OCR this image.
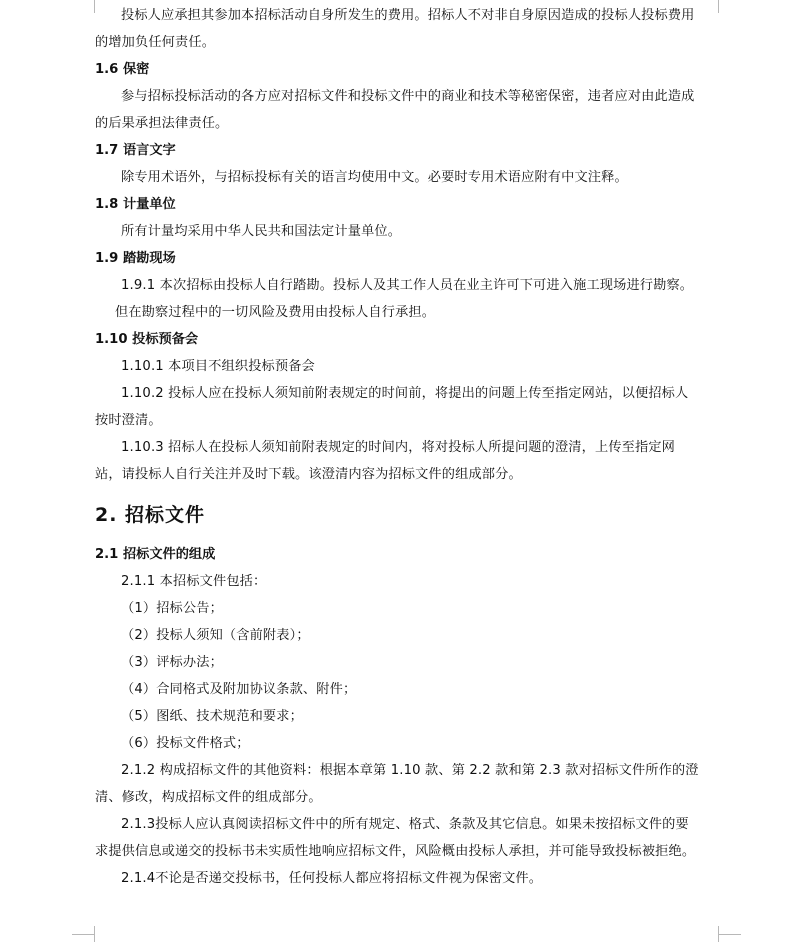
投标人应承担其参加本招标活动自身所发生的费用。招标人不对非自身原因造成的投标人投标费用的增加负任何责任。

1.6 保密

参与招标投标活动的各方应对招标文件和投标文件中的商业和技术等秘密保密，违者应对由此造成的后果承担法律责任。

1.7 语言文字

除专用术语外，与招标投标有关的语言均使用中文。必要时专用术语应附有中文注释。

1.8 计量单位

所有计量均采用中华人民共和国法定计量单位。

1.9 踏勘现场

1.9.1 本次招标由投标人自行踏勘。投标人及其工作人员在业主许可下可进入施工现场进行勘察。但在勘察过程中的一切风险及费用由投标人自行承担。

1.10 投标预备会

1.10.1 本项目不组织投标预备会

1.10.2 投标人应在投标人须知前附表规定的时间前，将提出的问题上传至指定网站，以便招标人按时澄清。

1.10.3 招标人在投标人须知前附表规定的时间内，将对投标人所提问题的澄清，上传至指定网站，请投标人自行关注并及时下载。该澄清内容为招标文件的组成部分。

2. 招标文件

2.1 招标文件的组成

2.1.1 本招标文件包括：

（1）招标公告；

（2）投标人须知（含前附表）；

（3）评标办法；

（4）合同格式及附加协议条款、附件；

（5）图纸、技术规范和要求；

（6）投标文件格式；

2.1.2 构成招标文件的其他资料：根据本章第 1.10 款、第 2.2 款和第 2.3 款对招标文件所作的澄清、修改，构成招标文件的组成部分。

2.1.3投标人应认真阅读招标文件中的所有规定、格式、条款及其它信息。如果未按招标文件的要求提供信息或递交的投标书未实质性地响应招标文件，风险概由投标人承担，并可能导致投标被拒绝。

2.1.4不论是否递交投标书，任何投标人都应将招标文件视为保密文件。
